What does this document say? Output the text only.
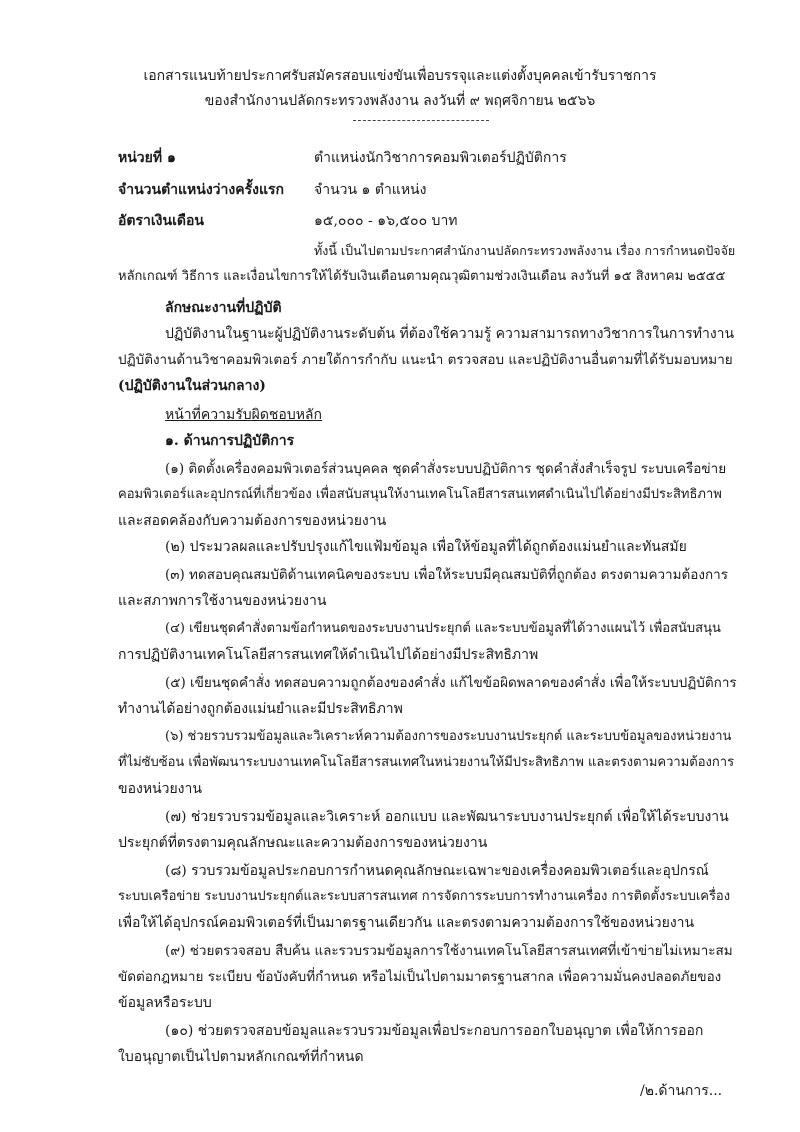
เอกสารแนบท้ายประกาศรับสมัครสอบแข่งขันเพื่อบรรจุและแต่งตั้งบุคคลเข้ารับราชการ
ของสำนักงานปลัดกระทรวงพลังงาน ลงวันที่ ๙ พฤศจิกายน ๒๕๖๖
หน่วยที่ ๑	ตำแหน่งนักวิชาการคอมพิวเตอร์ปฏิบัติการ
จำนวนตำแหน่งว่างครั้งแรก จำนวน ๑ ตำแหน่ง
อัตราเงินเดือน	๑๕,๐๐๐ - ๑๖,๕๐๐ บาท
ทั้งนี้ เป็นไปตามประกาศสำนักงานปลัดกระทรวงพลังงาน เรื่อง การกำหนดปัจจัย
หลักเกณฑ์ วิธีการ และเงื่อนไขการให้ได้รับเงินเดือนตามคุณวุฒิตามช่วงเงินเดือน ลงวันที่ ๑๕ สิงหาคม ๒๕๕๕
ลักษณะงานที่ปฏิบัติ
ปฏิบัติงานในฐานะผู้ปฏิบัติงานระดับต้น ที่ต้องใช้ความรู้ ความสามารถทางวิชาการในการทำงาน
ปฏิบัติงานด้านวิชาคอมพิวเตอร์ ภายใต้การกำกับ แนะนำ ตรวจสอบ และปฏิบัติงานอื่นตามที่ได้รับมอบหมาย
(ปฏิบัติงานในส่วนกลาง)
หน้าที่ความรับผิดชอบหลัก
๑. ด้านการปฏิบัติการ
(๑) ติดตั้งเครื่องคอมพิวเตอร์ส่วนบุคคล ชุดคำสั่งระบบปฏิบัติการ ชุดคำสั่งสำเร็จรูป ระบบเครือข่าย
คอมพิวเตอร์และอุปกรณ์ที่เกี่ยวข้อง เพื่อสนับสนุนให้งานเทคโนโลยีสารสนเทศดำเนินไปได้อย่างมีประสิทธิภาพ
และสอดคล้องกับความต้องการของหน่วยงาน
(๒) ประมวลผลและปรับปรุงแก้ไขแฟ้มข้อมูล เพื่อให้ข้อมูลที่ได้ถูกต้องแม่นยำและทันสมัย
(๓) ทดสอบคุณสมบัติด้านเทคนิคของระบบ เพื่อให้ระบบมีคุณสมบัติที่ถูกต้อง ตรงตามความต้องการ
และสภาพการใช้งานของหน่วยงาน
(๔) เขียนชุดคำสั่งตามข้อกำหนดของระบบงานประยุกต์ และระบบข้อมูลที่ได้วางแผนไว้ เพื่อสนับสนุน
การปฏิบัติงานเทคโนโลยีสารสนเทศให้ดำเนินไปได้อย่างมีประสิทธิภาพ
(๕) เขียนชุดคำสั่ง ทดสอบความถูกต้องของคำสั่ง แก้ไขข้อผิดพลาดของคำสั่ง เพื่อให้ระบบปฏิบัติการ
ทำงานได้อย่างถูกต้องแม่นยำและมีประสิทธิภาพ
(๖) ช่วยรวบรวมข้อมูลและวิเคราะห์ความต้องการของระบบงานประยุกต์ และระบบข้อมูลของหน่วยงาน
ที่ไม่ซับซ้อน เพื่อพัฒนาระบบงานเทคโนโลยีสารสนเทศในหน่วยงานให้มีประสิทธิภาพ และตรงตามความต้องการ
ของหน่วยงาน
(๗) ช่วยรวบรวมข้อมูลและวิเคราะห์ ออกแบบ และพัฒนาระบบงานประยุกต์ เพื่อให้ได้ระบบงาน
ประยุกต์ที่ตรงตามคุณลักษณะและความต้องการของหน่วยงาน
(๘) รวบรวมข้อมูลประกอบการกำหนดคุณลักษณะเฉพาะของเครื่องคอมพิวเตอร์และอุปกรณ์
ระบบเครือข่าย ระบบงานประยุกต์และระบบสารสนเทศ การจัดการระบบการทำงานเครื่อง การติดตั้งระบบเครื่อง
เพื่อให้ได้อุปกรณ์คอมพิวเตอร์ที่เป็นมาตรฐานเดียวกัน และตรงตามความต้องการใช้ของหน่วยงาน
(๙) ช่วยตรวจสอบ สืบค้น และรวบรวมข้อมูลการใช้งานเทคโนโลยีสารสนเทศที่เข้าข่ายไม่เหมาะสม
ขัดต่อกฎหมาย ระเบียบ ข้อบังคับที่กำหนด หรือไม่เป็นไปตามมาตรฐานสากล เพื่อความมั่นคงปลอดภัยของ
ข้อมูลหรือระบบ
(๑๐) ช่วยตรวจสอบข้อมูลและรวบรวมข้อมูลเพื่อประกอบการออกใบอนุญาต เพื่อให้การออก
ใบอนุญาตเป็นไปตามหลักเกณฑ์ที่กำหนด
/๒.ด้านการ...
